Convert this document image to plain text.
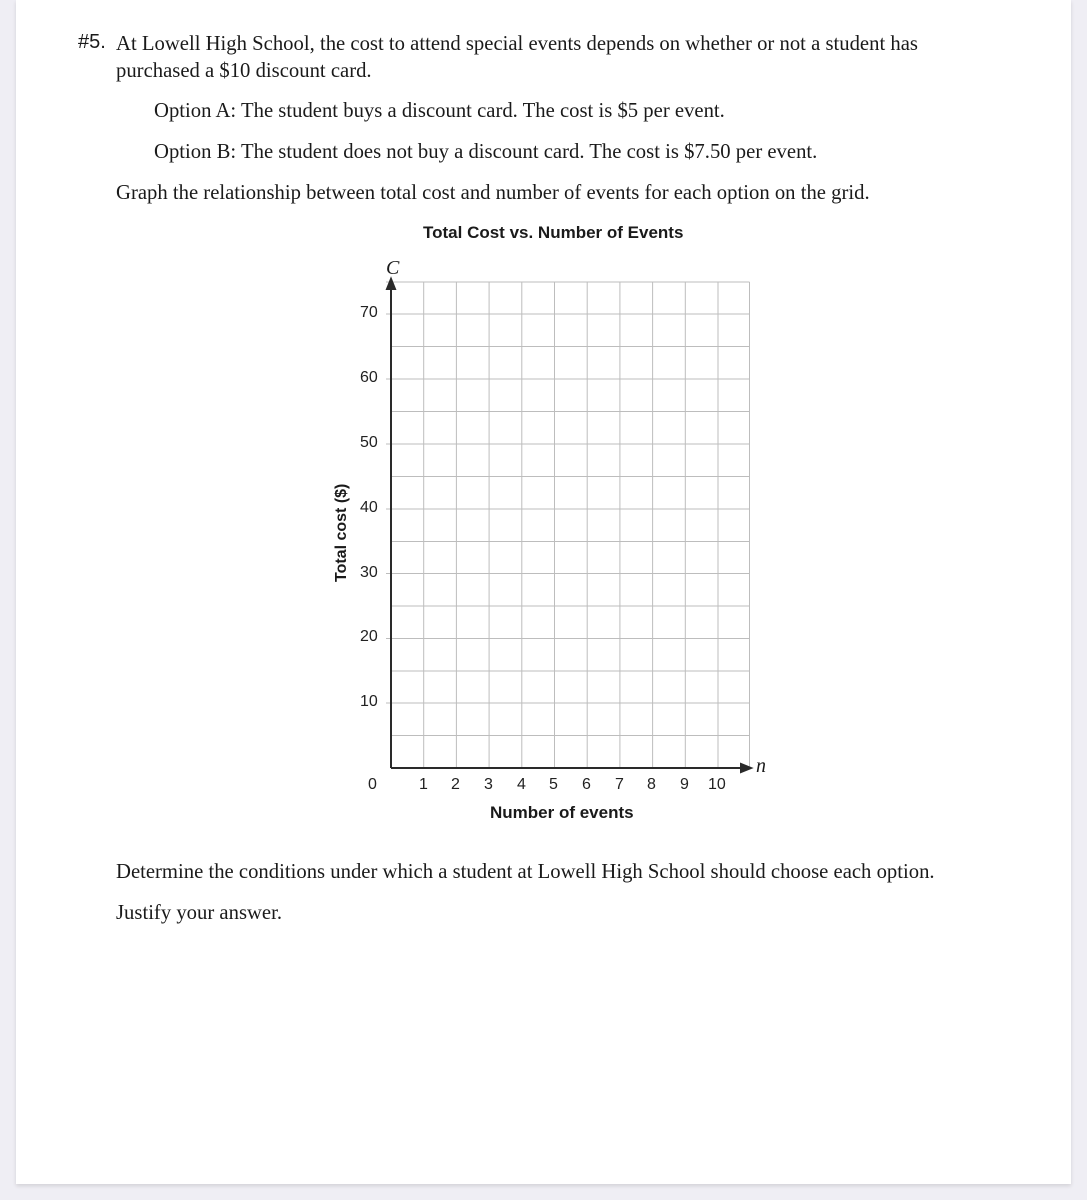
#5. At Lowell High School, the cost to attend special events depends on whether or not a student has
purchased a $10 discount card.
Option A: The student buys a discount card. The cost is $5 per event.
Option B: The student does not buy a discount card. The cost is $7.50 per event.
Graph the relationship between total cost and number of events for each option on the grid.
Total Cost vs. Number of Events
70
60
50
40
30
20
10
0	1 2 3 4 5 6 7 8 9 10
C
n
Number of events
Total cost ($)
Determine the conditions under which a student at Lowell High School should choose each option.
Justify your answer.
